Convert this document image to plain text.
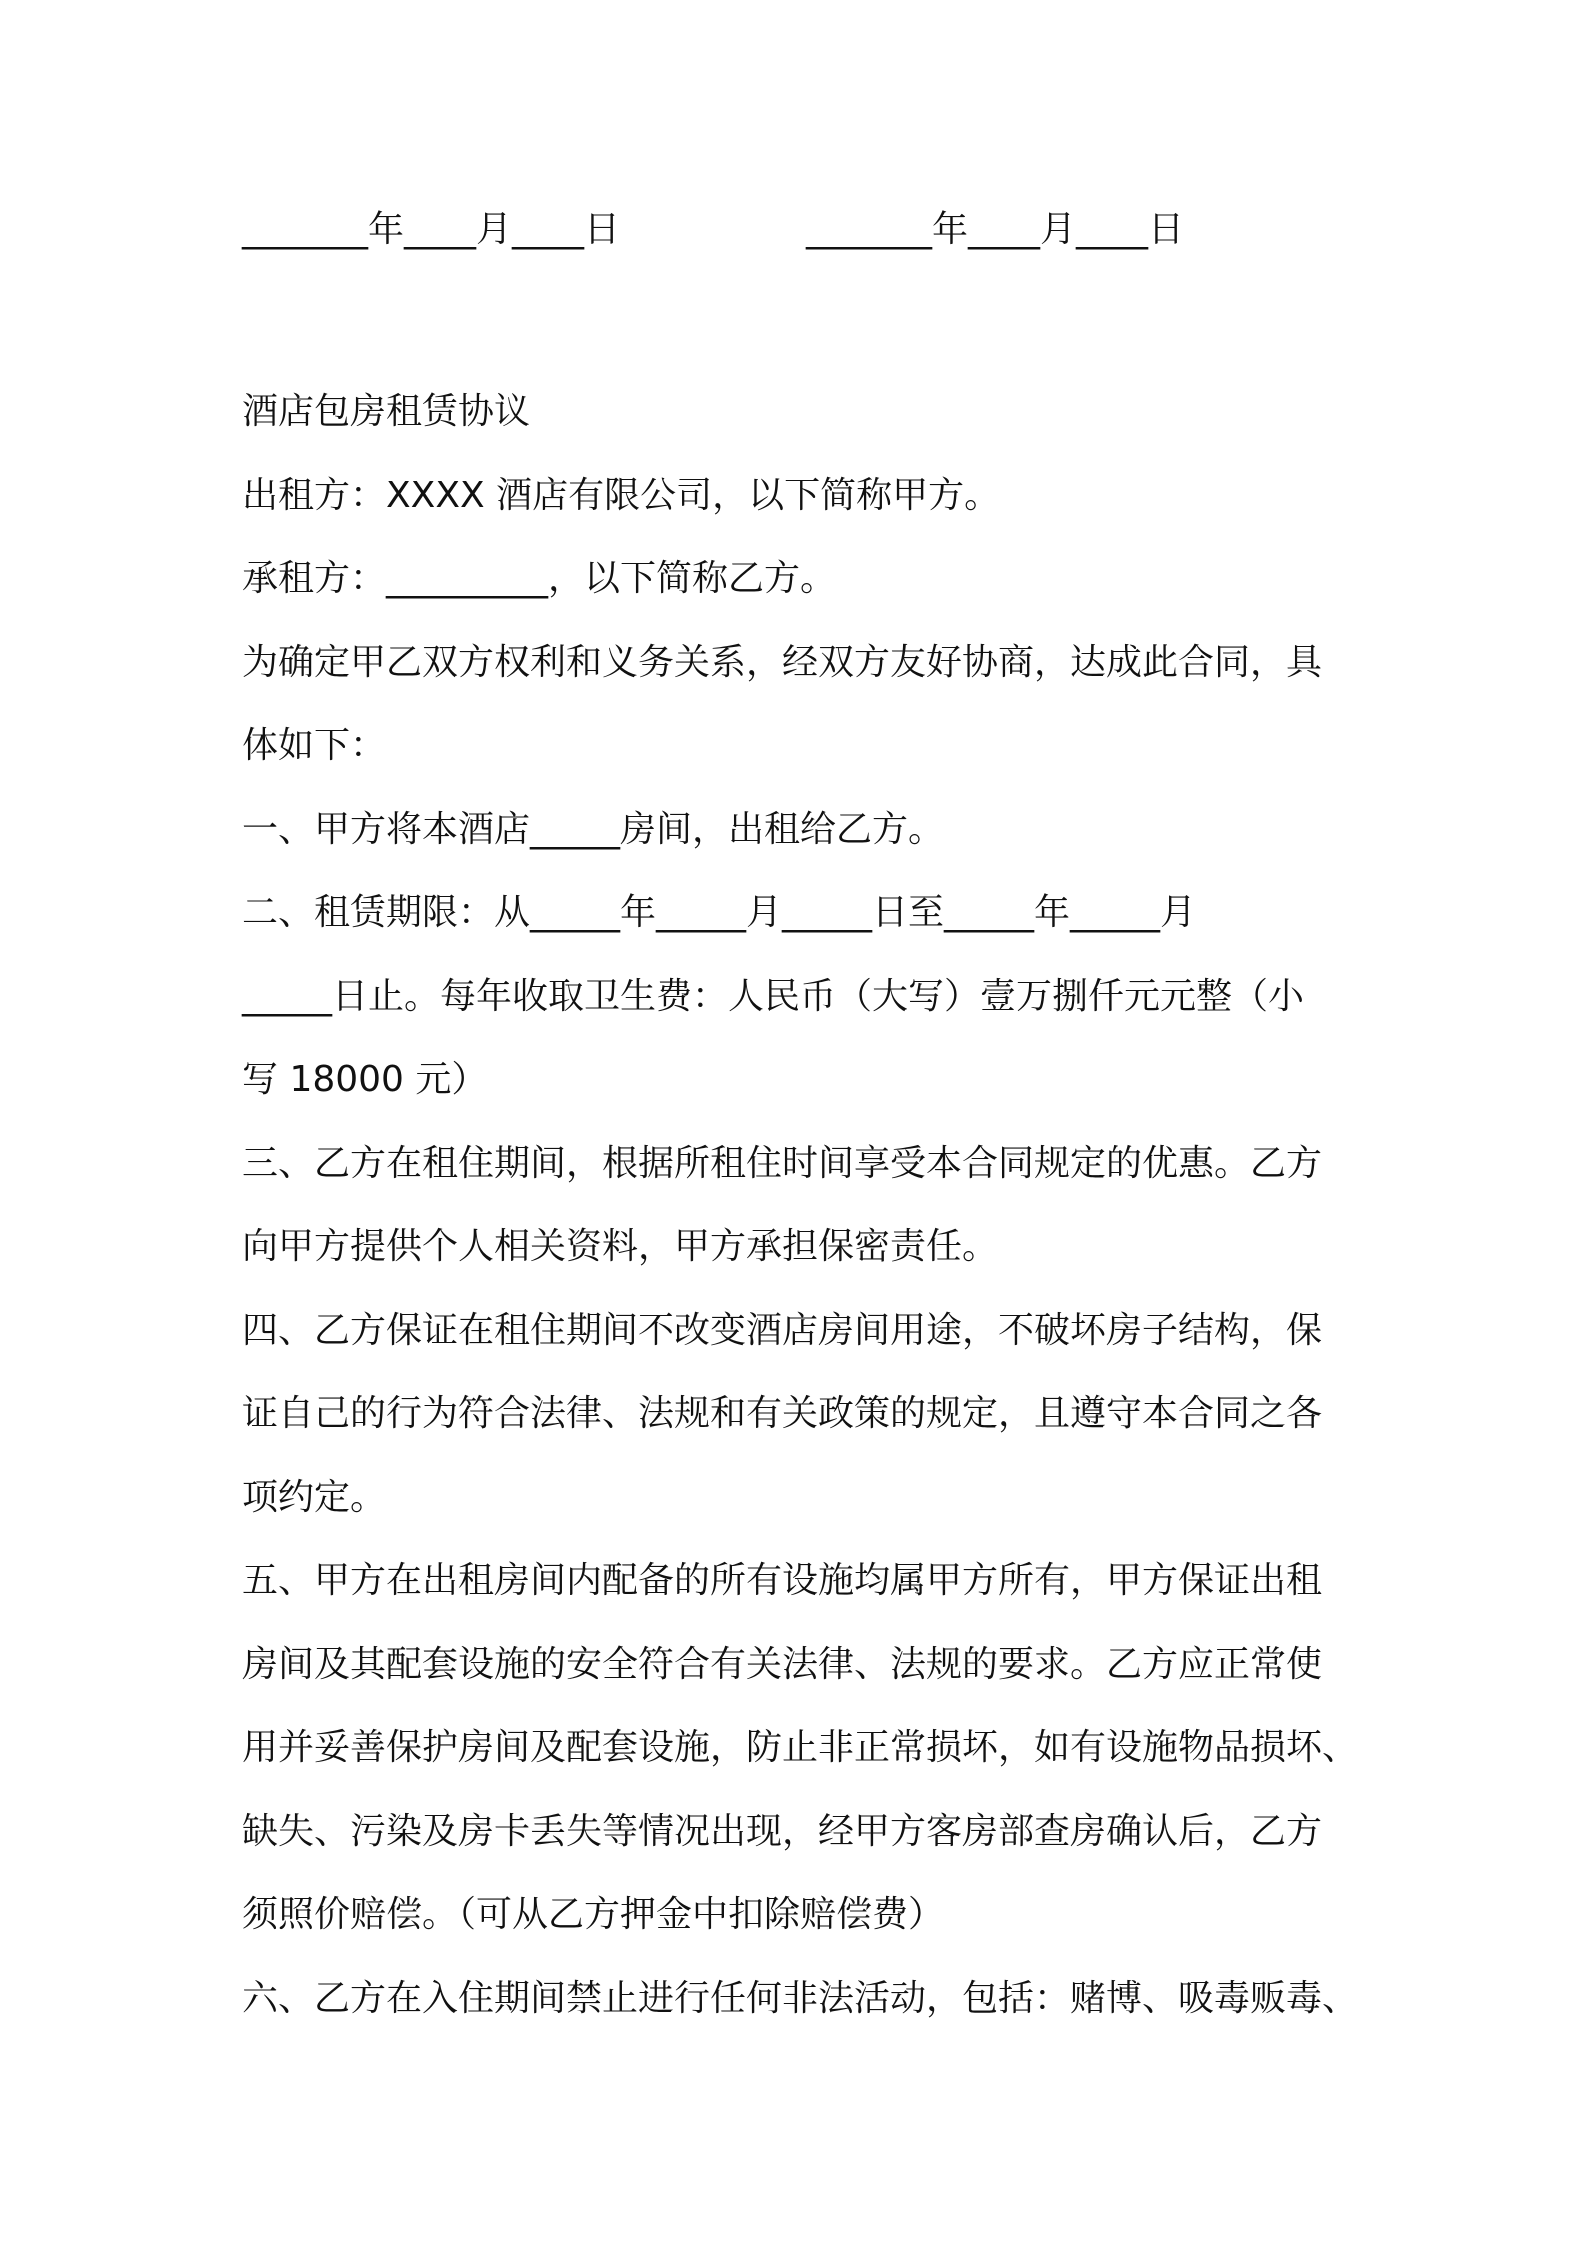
_______年____月____日	_______年____月____日
酒店包房租赁协议
出租方：XXXX 酒店有限公司，以下简称甲方。
承租方：_________，以下简称乙方。
为确定甲乙双方权利和义务关系，经双方友好协商，达成此合同，具
体如下：
一、甲方将本酒店_____房间，出租给乙方。
二、租赁期限：从_____年_____月_____日至_____年_____月
_____日止。每年收取卫生费：人民币（大写）壹万捌仟元元整（小
写 18000 元）
三、乙方在租住期间，根据所租住时间享受本合同规定的优惠。乙方
向甲方提供个人相关资料，甲方承担保密责任。
四、乙方保证在租住期间不改变酒店房间用途，不破坏房子结构，保
证自己的行为符合法律、法规和有关政策的规定，且遵守本合同之各
项约定。
五、甲方在出租房间内配备的所有设施均属甲方所有，甲方保证出租
房间及其配套设施的安全符合有关法律、法规的要求。乙方应正常使
用并妥善保护房间及配套设施，防止非正常损坏，如有设施物品损坏、
缺失、污染及房卡丢失等情况出现，经甲方客房部查房确认后，乙方
须照价赔偿。（可从乙方押金中扣除赔偿费）
六、乙方在入住期间禁止进行任何非法活动，包括：赌博、吸毒贩毒、
